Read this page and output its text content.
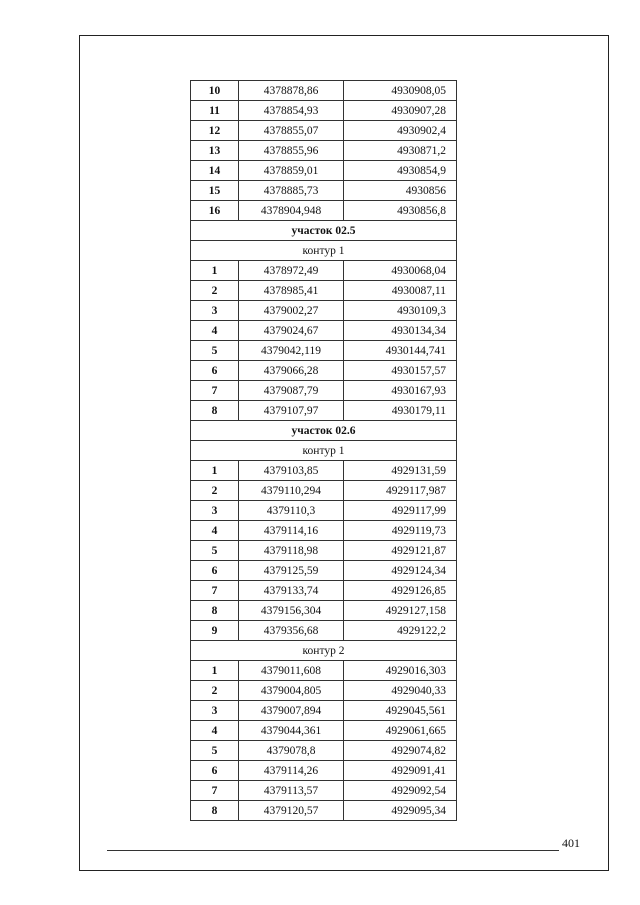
10	4378878,86	4930908,05
11	4378854,93	4930907,28
12	4378855,07	4930902,4
13	4378855,96	4930871,2
14	4378859,01	4930854,9
15	4378885,73	4930856
16	4378904,948	4930856,8
участок 02.5		
контур 1		
1	4378972,49	4930068,04
2	4378985,41	4930087,11
3	4379002,27	4930109,3
4	4379024,67	4930134,34
5	4379042,119	4930144,741
6	4379066,28	4930157,57
7	4379087,79	4930167,93
8	4379107,97	4930179,11
участок 02.6		
контур 1		
1	4379103,85	4929131,59
2	4379110,294	4929117,987
3	4379110,3	4929117,99
4	4379114,16	4929119,73
5	4379118,98	4929121,87
6	4379125,59	4929124,34
7	4379133,74	4929126,85
8	4379156,304	4929127,158
9	4379356,68	4929122,2
контур 2		
1	4379011,608	4929016,303
2	4379004,805	4929040,33
3	4379007,894	4929045,561
4	4379044,361	4929061,665
5	4379078,8	4929074,82
6	4379114,26	4929091,41
7	4379113,57	4929092,54
8	4379120,57	4929095,34
401
